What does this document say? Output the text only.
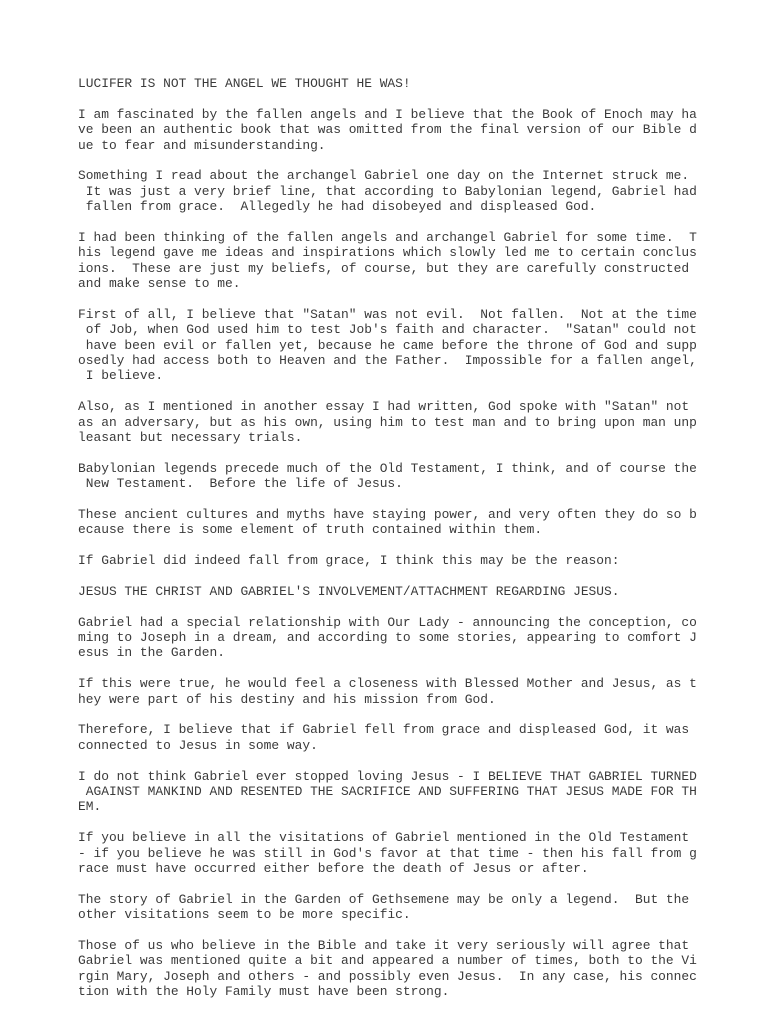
LUCIFER IS NOT THE ANGEL WE THOUGHT HE WAS!
I am fascinated by the fallen angels and I believe that the Book of Enoch may ha
ve been an authentic book that was omitted from the final version of our Bible d
ue to fear and misunderstanding.
Something I read about the archangel Gabriel one day on the Internet struck me.
It was just a very brief line, that according to Babylonian legend, Gabriel had
fallen from grace.  Allegedly he had disobeyed and displeased God.
I had been thinking of the fallen angels and archangel Gabriel for some time.  T
his legend gave me ideas and inspirations which slowly led me to certain conclus
ions.  These are just my beliefs, of course, but they are carefully constructed
and make sense to me.
First of all, I believe that "Satan" was not evil.  Not fallen.  Not at the time
of Job, when God used him to test Job's faith and character.  "Satan" could not
have been evil or fallen yet, because he came before the throne of God and supp
osedly had access both to Heaven and the Father.  Impossible for a fallen angel,
I believe.
Also, as I mentioned in another essay I had written, God spoke with "Satan" not
as an adversary, but as his own, using him to test man and to bring upon man unp
leasant but necessary trials.
Babylonian legends precede much of the Old Testament, I think, and of course the
New Testament.  Before the life of Jesus.
These ancient cultures and myths have staying power, and very often they do so b
ecause there is some element of truth contained within them.
If Gabriel did indeed fall from grace, I think this may be the reason:
JESUS THE CHRIST AND GABRIEL'S INVOLVEMENT/ATTACHMENT REGARDING JESUS.
Gabriel had a special relationship with Our Lady - announcing the conception, co
ming to Joseph in a dream, and according to some stories, appearing to comfort J
esus in the Garden.
If this were true, he would feel a closeness with Blessed Mother and Jesus, as t
hey were part of his destiny and his mission from God.
Therefore, I believe that if Gabriel fell from grace and displeased God, it was
connected to Jesus in some way.
I do not think Gabriel ever stopped loving Jesus - I BELIEVE THAT GABRIEL TURNED
AGAINST MANKIND AND RESENTED THE SACRIFICE AND SUFFERING THAT JESUS MADE FOR TH
EM.
If you believe in all the visitations of Gabriel mentioned in the Old Testament
- if you believe he was still in God's favor at that time - then his fall from g
race must have occurred either before the death of Jesus or after.
The story of Gabriel in the Garden of Gethsemene may be only a legend.  But the
other visitations seem to be more specific.
Those of us who believe in the Bible and take it very seriously will agree that
Gabriel was mentioned quite a bit and appeared a number of times, both to the Vi
rgin Mary, Joseph and others - and possibly even Jesus.  In any case, his connec
tion with the Holy Family must have been strong.
